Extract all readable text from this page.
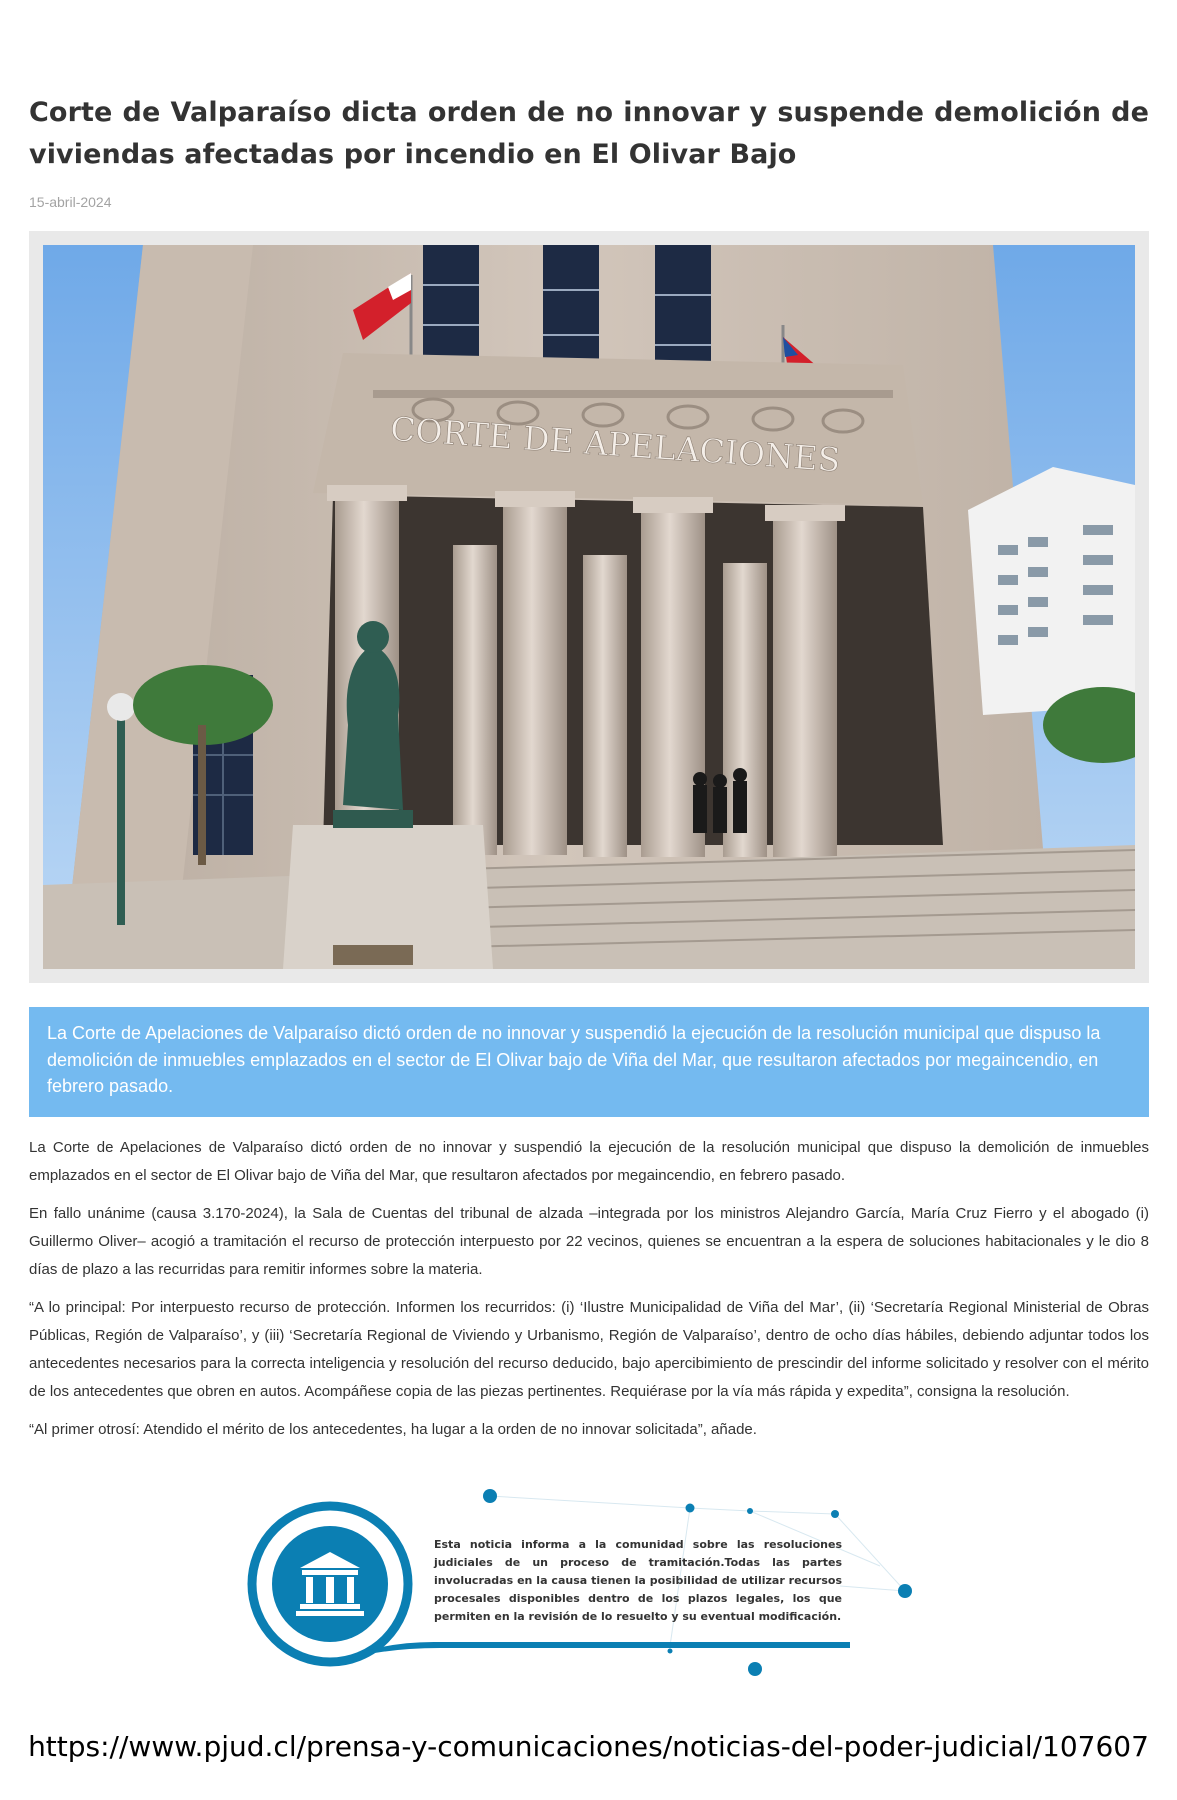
Corte de Valparaíso dicta orden de no innovar y suspende demolición de viviendas afectadas por incendio en El Olivar Bajo
15-abril-2024
CORTE DE APELACIONES
La Corte de Apelaciones de Valparaíso dictó orden de no innovar y suspendió la ejecución de la resolución municipal que dispuso la demolición de inmuebles emplazados en el sector de El Olivar bajo de Viña del Mar, que resultaron afectados por megaincendio, en febrero pasado.

La Corte de Apelaciones de Valparaíso dictó orden de no innovar y suspendió la ejecución de la resolución municipal que dispuso la demolición de inmuebles emplazados en el sector de El Olivar bajo de Viña del Mar, que resultaron afectados por megaincendio, en febrero pasado.

En fallo unánime (causa 3.170-2024), la Sala de Cuentas del tribunal de alzada –integrada por los ministros Alejandro García, María Cruz Fierro y el abogado (i) Guillermo Oliver– acogió a tramitación el recurso de protección interpuesto por 22 vecinos, quienes se encuentran a la espera de soluciones habitacionales y le dio 8 días de plazo a las recurridas para remitir informes sobre la materia.

“A lo principal: Por interpuesto recurso de protección. Informen los recurridos: (i) ‘Ilustre Municipalidad de Viña del Mar’, (ii) ‘Secretaría Regional Ministerial de Obras Públicas, Región de Valparaíso’, y (iii) ‘Secretaría Regional de Viviendo y Urbanismo, Región de Valparaíso’, dentro de ocho días hábiles, debiendo adjuntar todos los antecedentes necesarios para la correcta inteligencia y resolución del recurso deducido, bajo apercibimiento de prescindir del informe solicitado y resolver con el mérito de los antecedentes que obren en autos. Acompáñese copia de las piezas pertinentes. Requiérase por la vía más rápida y expedita”, consigna la resolución.

“Al primer otrosí: Atendido el mérito de los antecedentes, ha lugar a la orden de no innovar solicitada”, añade.

Esta noticia informa a la comunidad sobre las resoluciones judiciales de un proceso de tramitación.Todas las partes involucradas en la causa tienen la posibilidad de utilizar recursos procesales disponibles dentro de los plazos legales, los que permiten en la revisión de lo resuelto y su eventual modificación.
https://www.pjud.cl/prensa-y-comunicaciones/noticias-del-poder-judicial/107607
